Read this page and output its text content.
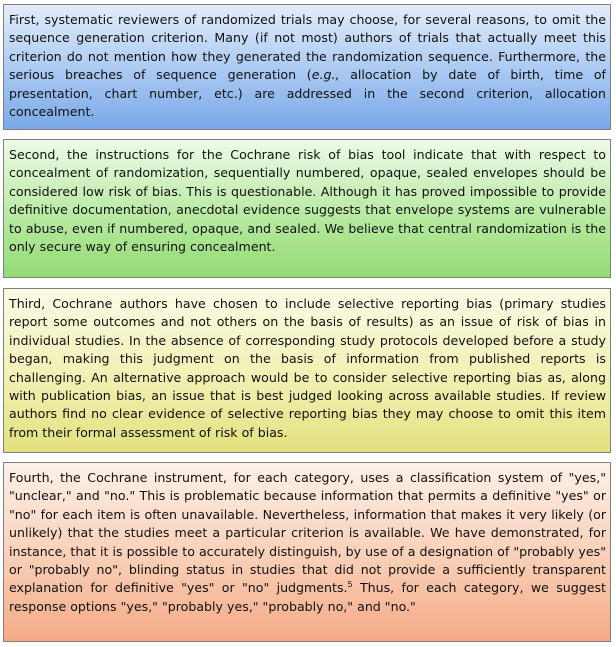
First, systematic reviewers of randomized trials may choose, for several reasons, to omit the sequence generation criterion. Many (if not most) authors of trials that actually meet this criterion do not mention how they generated the randomization sequence. Furthermore, the serious breaches of sequence generation (e.g., allocation by date of birth, time of presentation, chart number, etc.) are addressed in the second criterion, allocation concealment.

Second, the instructions for the Cochrane risk of bias tool indicate that with respect to concealment of randomization, sequentially numbered, opaque, sealed envelopes should be considered low risk of bias. This is questionable. Although it has proved impossible to provide definitive documentation, anecdotal evidence suggests that envelope systems are vulnerable to abuse, even if numbered, opaque, and sealed. We believe that central randomization is the only secure way of ensuring concealment.

Third, Cochrane authors have chosen to include selective reporting bias (primary studies report some outcomes and not others on the basis of results) as an issue of risk of bias in individual studies. In the absence of corresponding study protocols developed before a study began, making this judgment on the basis of information from published reports is challenging. An alternative approach would be to consider selective reporting bias as, along with publication bias, an issue that is best judged looking across available studies. If review authors find no clear evidence of selective reporting bias they may choose to omit this item from their formal assessment of risk of bias.

Fourth, the Cochrane instrument, for each category, uses a classification system of "yes," "unclear," and "no." This is problematic because information that permits a definitive "yes" or "no" for each item is often unavailable. Nevertheless, information that makes it very likely (or unlikely) that the studies meet a particular criterion is available. We have demonstrated, for instance, that it is possible to accurately distinguish, by use of a designation of "probably yes" or "probably no", blinding status in studies that did not provide a sufficiently transparent explanation for definitive "yes" or "no" judgments.$^5$ Thus, for each category, we suggest response options "yes," "probably yes," "probably no," and "no."
